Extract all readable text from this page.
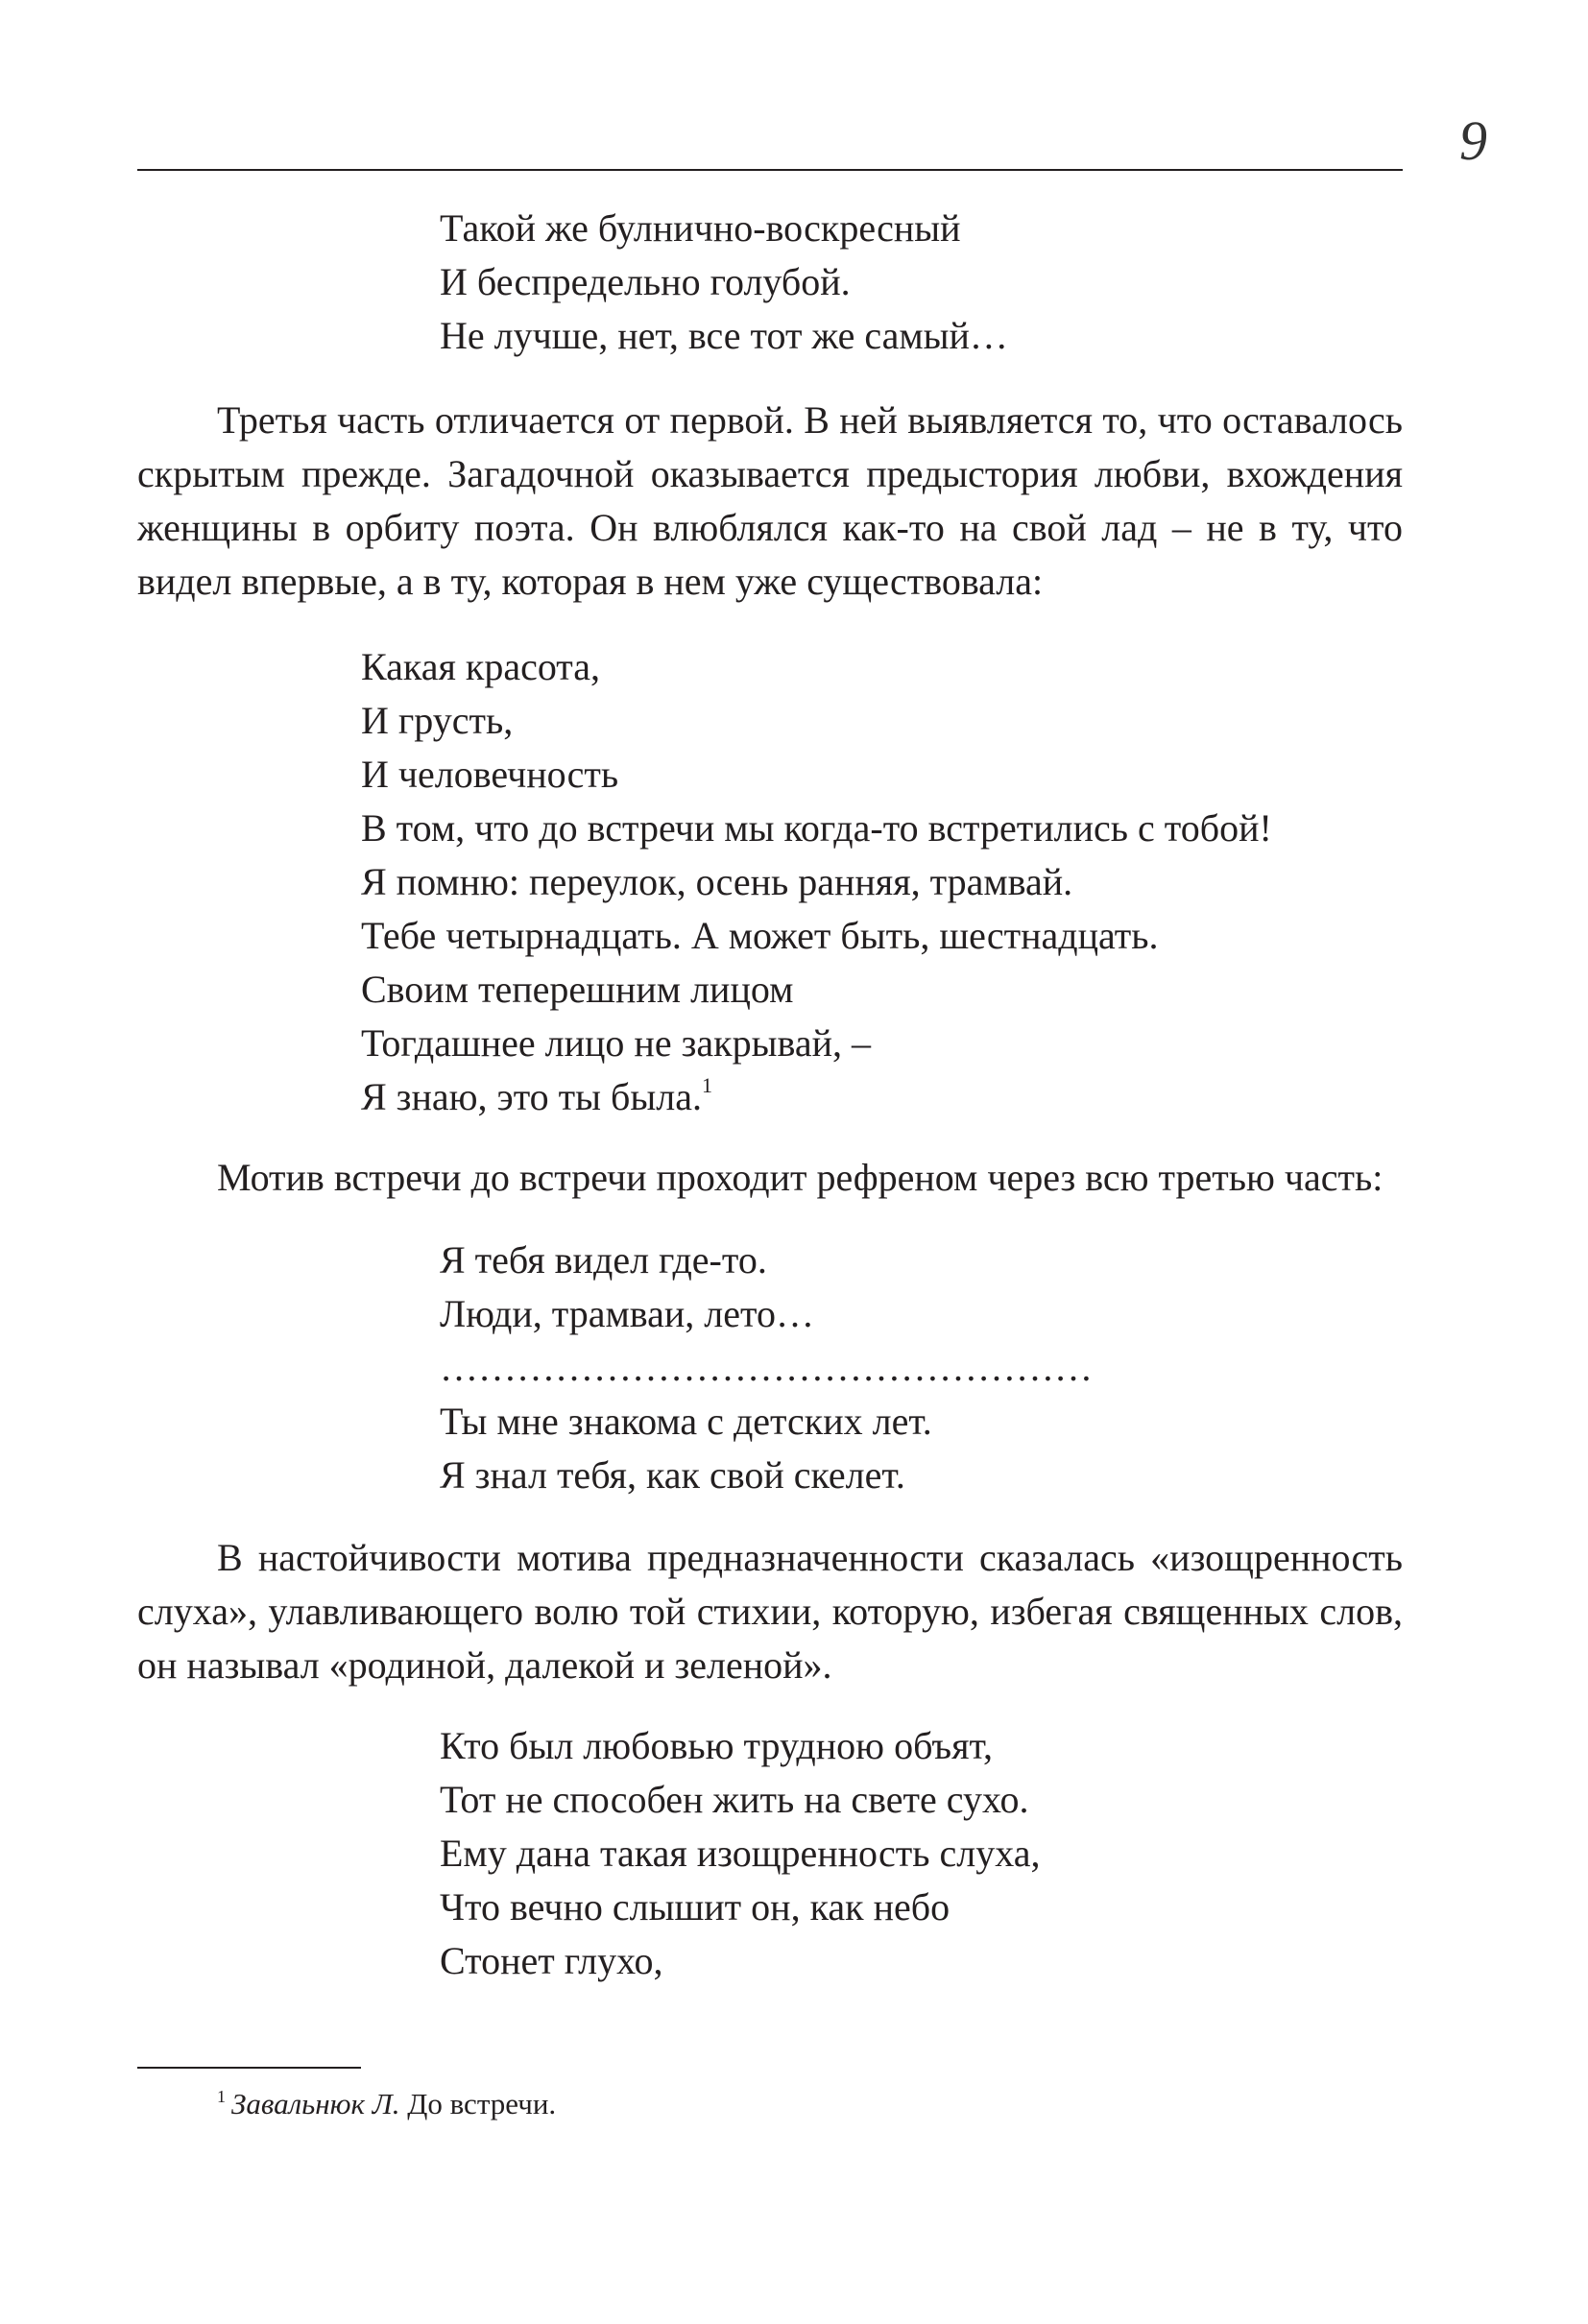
9
Такой же булнично-воскресный
И беспредельно голубой.
Не лучше, нет, все тот же самый…

Третья часть отличается от первой. В ней выявляется то, что оставалось скрытым прежде. Загадочной оказывается предыстория любви, вхождения женщины в орбиту поэта. Он влюблялся как-то на свой лад – не в ту, что видел впервые, а в ту, которая в нем уже существовала:

Какая красота,
И грусть,
И человечность
В том, что до встречи мы когда-то встретились с тобой!
Я помню: переулок, осень ранняя, трамвай.
Тебе четырнадцать. А может быть, шестнадцать.
Своим теперешним лицом
Тогдашнее лицо не закрывай, –
Я знаю, это ты была.$^1$

Мотив встречи до встречи проходит рефреном через всю третью часть:

Я тебя видел где-то.
Люди, трамваи, лето…
……………………………………………
Ты мне знакома с детских лет.
Я знал тебя, как свой скелет.

В настойчивости мотива предназначенности сказалась «изощренность слуха», улавливающего волю той стихии, которую, избегая священных слов, он называл «родиной, далекой и зеленой».

Кто был любовью трудною объят,
Тот не способен жить на свете сухо.
Ему дана такая изощренность слуха,
Что вечно слышит он, как небо
Стонет глухо,
$^1$ Завальнюк Л. До встречи.
